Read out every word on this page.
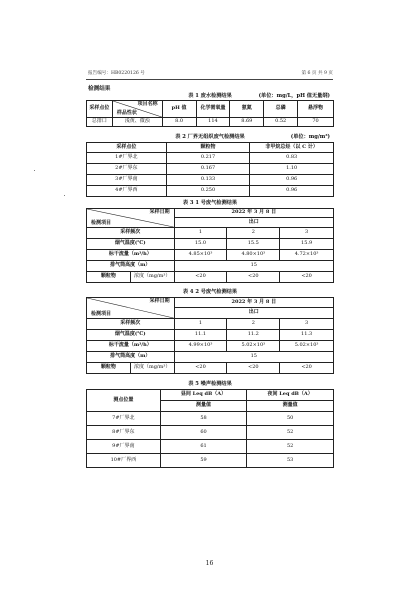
报告编号：HB0220126 号	第 6 页 共 9 页
检测结果
表 1 废水检测结果	(单位：mg/L，pH 值无量纲)
采样点位	项目名称
样品性状	pH 值	化学需氧量	氨氮	总磷	悬浮物
总排口	浅黄、微浊	8.0	114	8.69	0.52	70
表 2 厂界无组织废气检测结果	(单位：mg/m³)
采样点位	颗粒物	非甲烷总烃（以 C 计）
1#厂界北	0.217	0.83
2#厂界东	0.167	1.10
3#厂界南	0.133	0.96
4#厂界西	0.250	0.96
表 3 1 号废气检测结果
采样日期
检测项目		2022 年 3 月 8 日		
		出口		
采样频次		1	2	3
烟气温度(℃)		15.0	15.5	15.9
标干流量（m³/h）		4.85×10³	4.80×10³	4.72×10³
排气筒高度（m）		15		
颗粒物	浓度（mg/m³）	<20	<20	<20
表 4 2 号废气检测结果
采样日期
检测项目		2022 年 3 月 8 日		
		出口		
采样频次		1	2	3
烟气温度(℃)		11.1	11.2	11.3
标干流量（m³/h）		4.99×10³	5.02×10³	5.02×10³
排气筒高度（m）		15		
颗粒物	浓度（mg/m³）	<20	<20	<20
表 5 噪声检测结果
测点位置	昼间 Leq dB（A）	夜间 Leq dB（A）
	测量值	测量值
7#厂界北	58	50
8#厂界东	60	52
9#厂界南	61	52
10#厂界西	59	53
16
